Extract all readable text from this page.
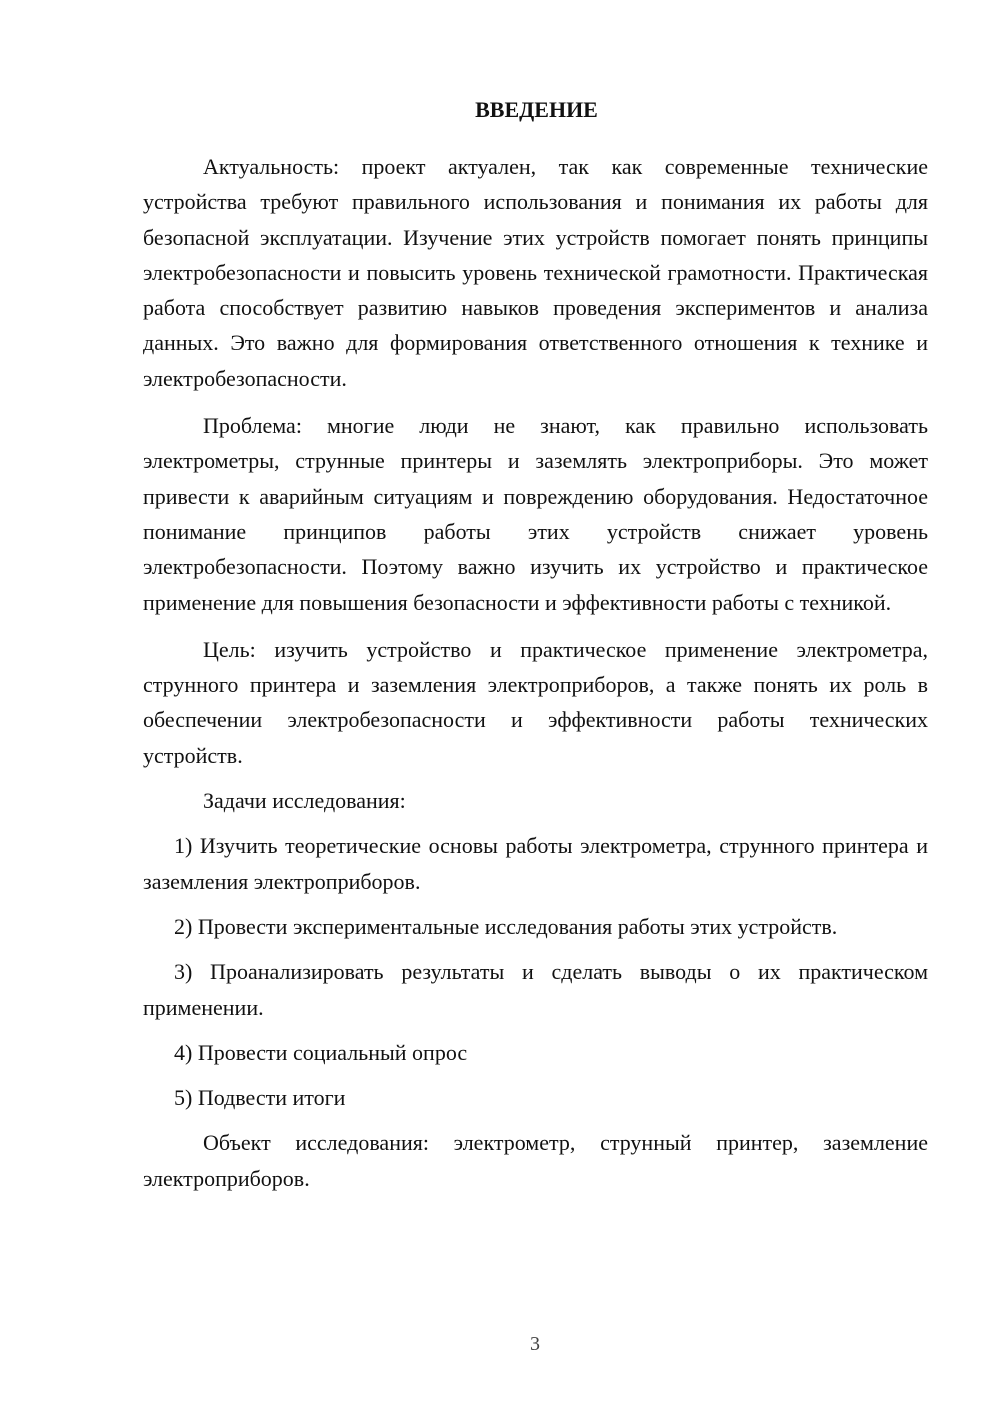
ВВЕДЕНИЕ

Актуальность: проект актуален, так как современные технические устройства требуют правильного использования и понимания их работы для безопасной эксплуатации. Изучение этих устройств помогает понять принципы электробезопасности и повысить уровень технической грамотности. Практическая работа способствует развитию навыков проведения экспериментов и анализа данных. Это важно для формирования ответственного отношения к технике и электробезопасности.

Проблема: многие люди не знают, как правильно использовать электрометры, струнные принтеры и заземлять электроприборы. Это может привести к аварийным ситуациям и повреждению оборудования. Недостаточное понимание принципов работы этих устройств снижает уровень электробезопасности. Поэтому важно изучить их устройство и практическое применение для повышения безопасности и эффективности работы с техникой.

Цель: изучить устройство и практическое применение электрометра, струнного принтера и заземления электроприборов, а также понять их роль в обеспечении электробезопасности и эффективности работы технических устройств.

Задачи исследования:

1) Изучить теоретические основы работы электрометра, струнного принтера и заземления электроприборов.

2) Провести экспериментальные исследования работы этих устройств.

3) Проанализировать результаты и сделать выводы о их практическом применении.

4) Провести социальный опрос

5) Подвести итоги

Объект исследования: электрометр, струнный принтер, заземление электроприборов.

3
